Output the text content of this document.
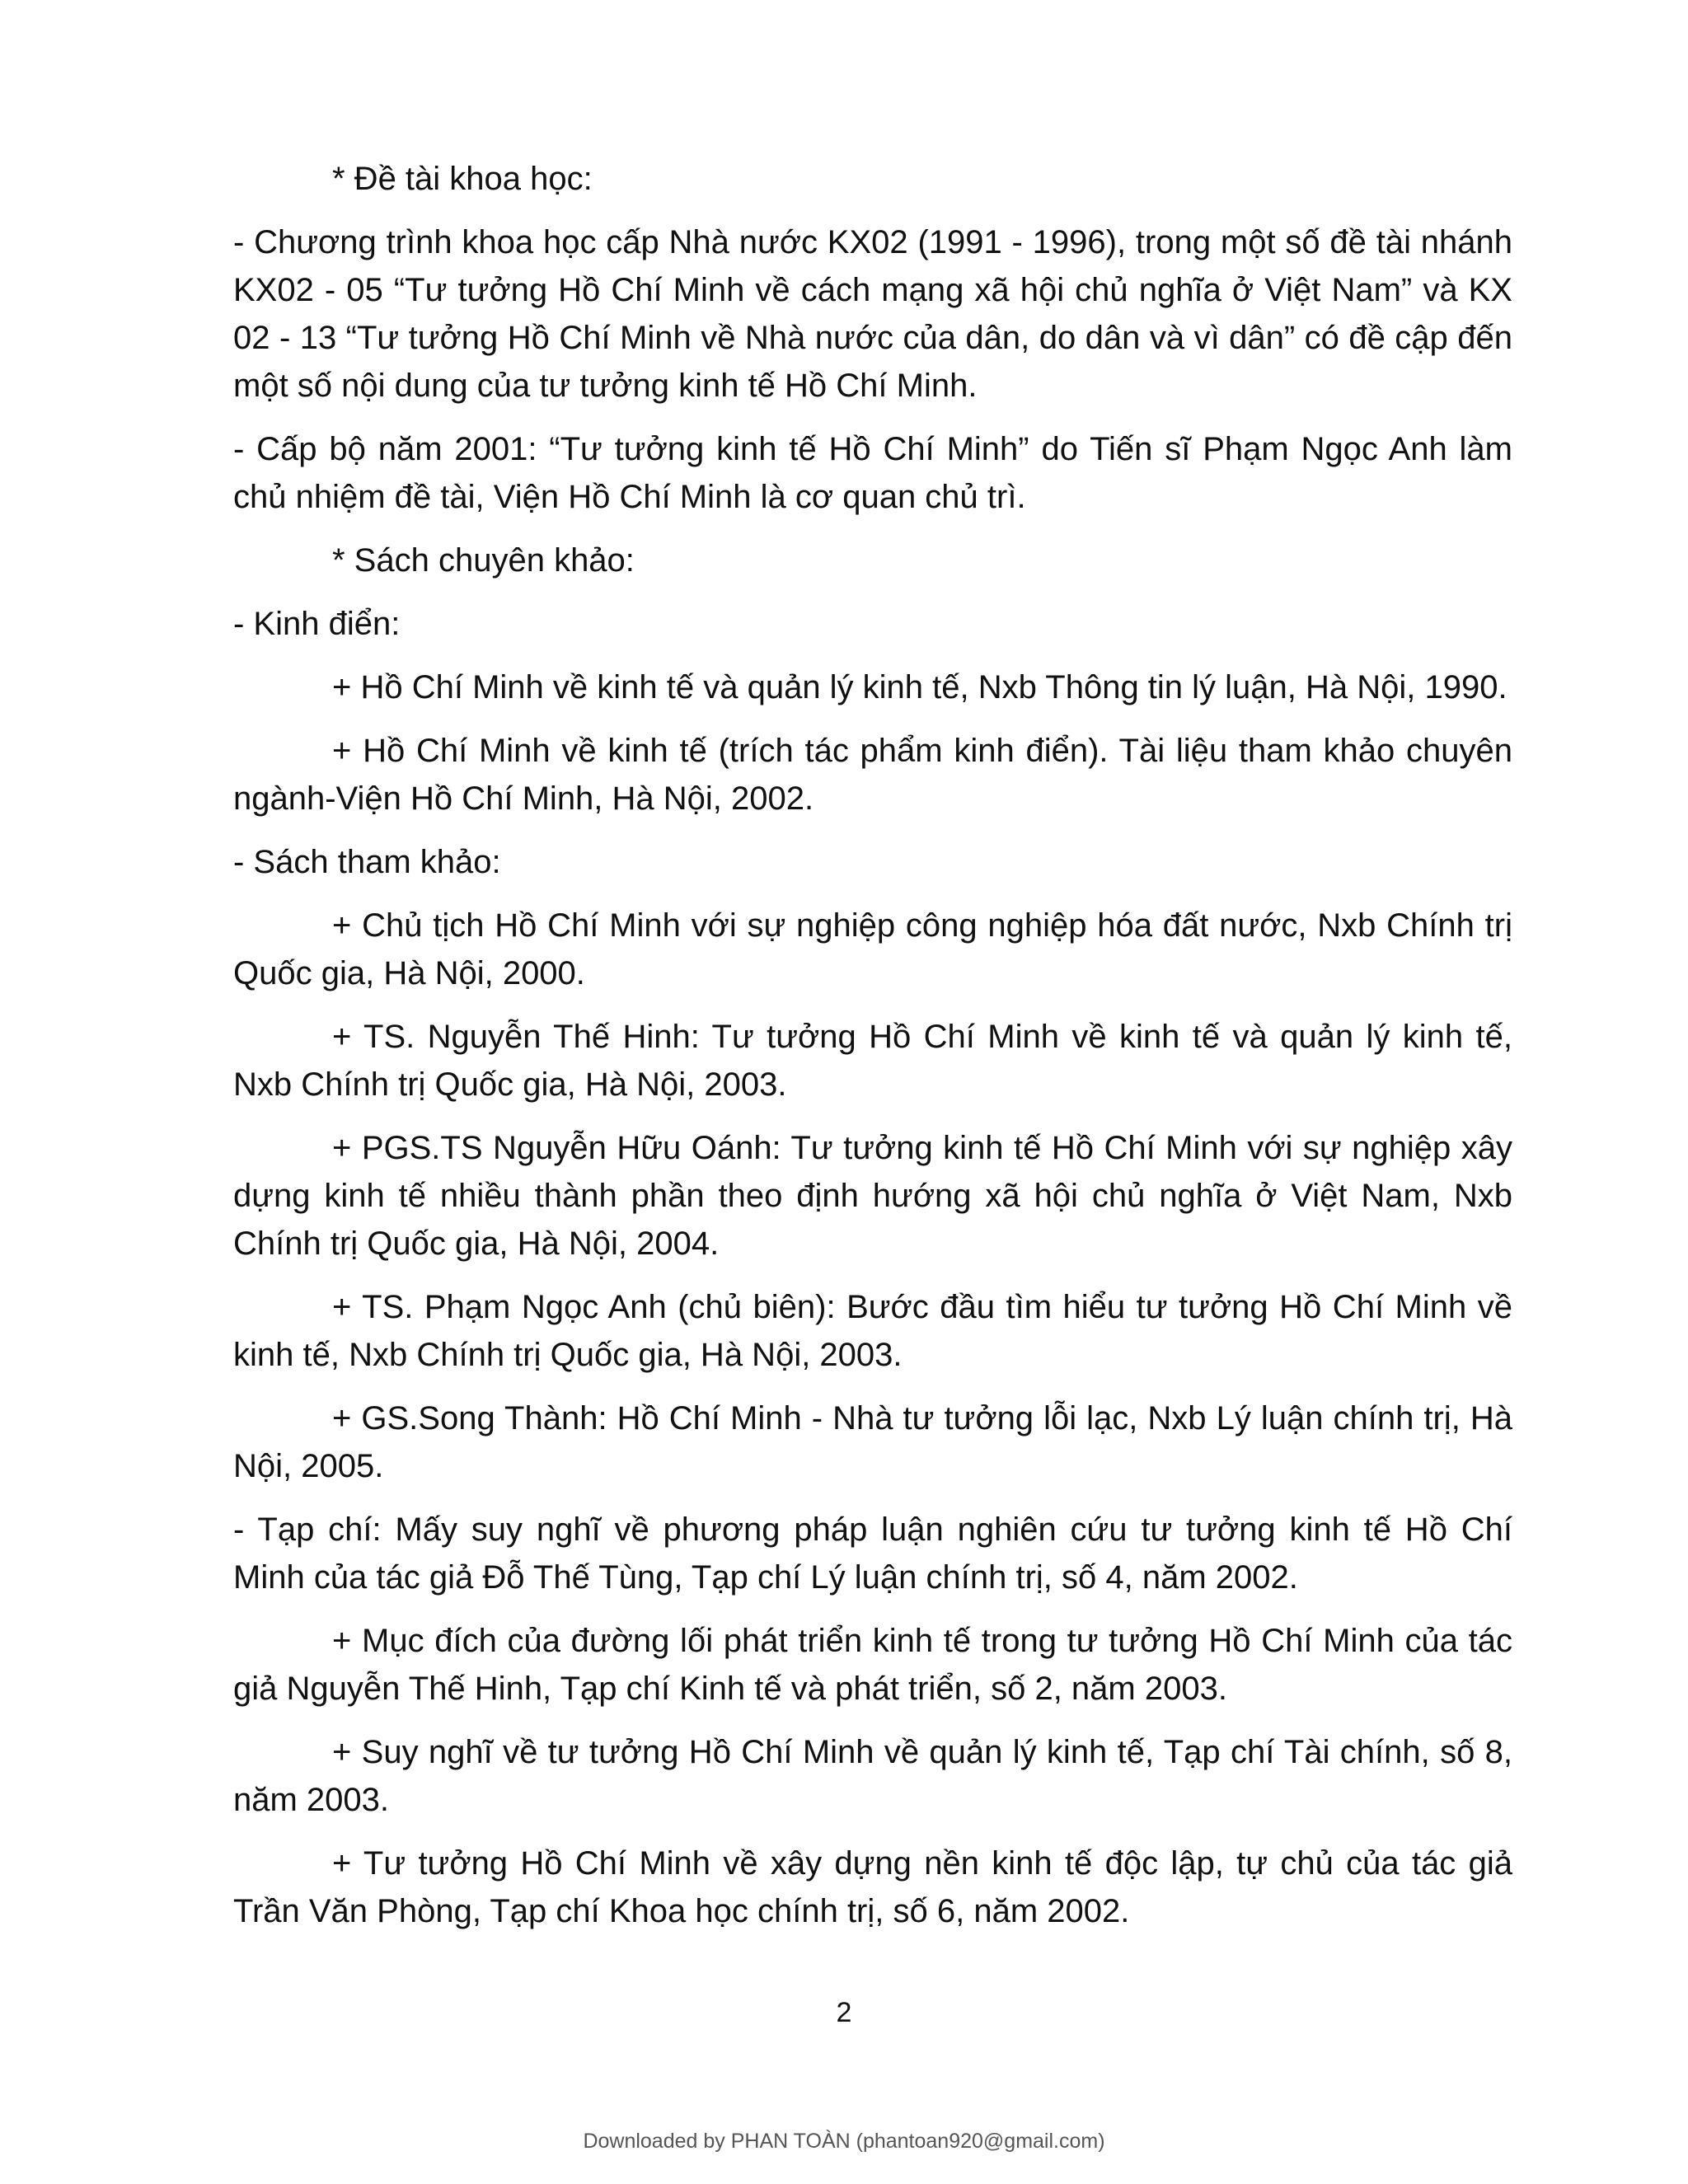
* Đề tài khoa học:

- Chương trình khoa học cấp Nhà nước KX02 (1991 - 1996), trong một số đề tài nhánh KX02 - 05 “Tư tưởng Hồ Chí Minh về cách mạng xã hội chủ nghĩa ở Việt Nam” và KX 02 - 13 “Tư tưởng Hồ Chí Minh về Nhà nước của dân, do dân và vì dân” có đề cập đến một số nội dung của tư tưởng kinh tế Hồ Chí Minh.

- Cấp bộ năm 2001: “Tư tưởng kinh tế Hồ Chí Minh” do Tiến sĩ Phạm Ngọc Anh làm chủ nhiệm đề tài, Viện Hồ Chí Minh là cơ quan chủ trì.

* Sách chuyên khảo:

- Kinh điển:

+ Hồ Chí Minh về kinh tế và quản lý kinh tế, Nxb Thông tin lý luận, Hà Nội, 1990.

+ Hồ Chí Minh về kinh tế (trích tác phẩm kinh điển). Tài liệu tham khảo chuyên ngành-Viện Hồ Chí Minh, Hà Nội, 2002.

- Sách tham khảo:

+ Chủ tịch Hồ Chí Minh với sự nghiệp công nghiệp hóa đất nước, Nxb Chính trị Quốc gia, Hà Nội, 2000.

+ TS. Nguyễn Thế Hinh: Tư tưởng Hồ Chí Minh về kinh tế và quản lý kinh tế, Nxb Chính trị Quốc gia, Hà Nội, 2003.

+ PGS.TS Nguyễn Hữu Oánh: Tư tưởng kinh tế Hồ Chí Minh với sự nghiệp xây dựng kinh tế nhiều thành phần theo định hướng xã hội chủ nghĩa ở Việt Nam, Nxb Chính trị Quốc gia, Hà Nội, 2004.

+ TS. Phạm Ngọc Anh (chủ biên): Bước đầu tìm hiểu tư tưởng Hồ Chí Minh về kinh tế, Nxb Chính trị Quốc gia, Hà Nội, 2003.

+ GS.Song Thành: Hồ Chí Minh - Nhà tư tưởng lỗi lạc, Nxb Lý luận chính trị, Hà Nội, 2005.

- Tạp chí: Mấy suy nghĩ về phương pháp luận nghiên cứu tư tưởng kinh tế Hồ Chí Minh của tác giả Đỗ Thế Tùng, Tạp chí Lý luận chính trị, số 4, năm 2002.

+ Mục đích của đường lối phát triển kinh tế trong tư tưởng Hồ Chí Minh của tác giả Nguyễn Thế Hinh, Tạp chí Kinh tế và phát triển, số 2, năm 2003.

+ Suy nghĩ về tư tưởng Hồ Chí Minh về quản lý kinh tế, Tạp chí Tài chính, số 8, năm 2003.

+ Tư tưởng Hồ Chí Minh về xây dựng nền kinh tế độc lập, tự chủ của tác giả Trần Văn Phòng, Tạp chí Khoa học chính trị, số 6, năm 2002.

2
Downloaded by PHAN TOÀN (phantoan920@gmail.com)
